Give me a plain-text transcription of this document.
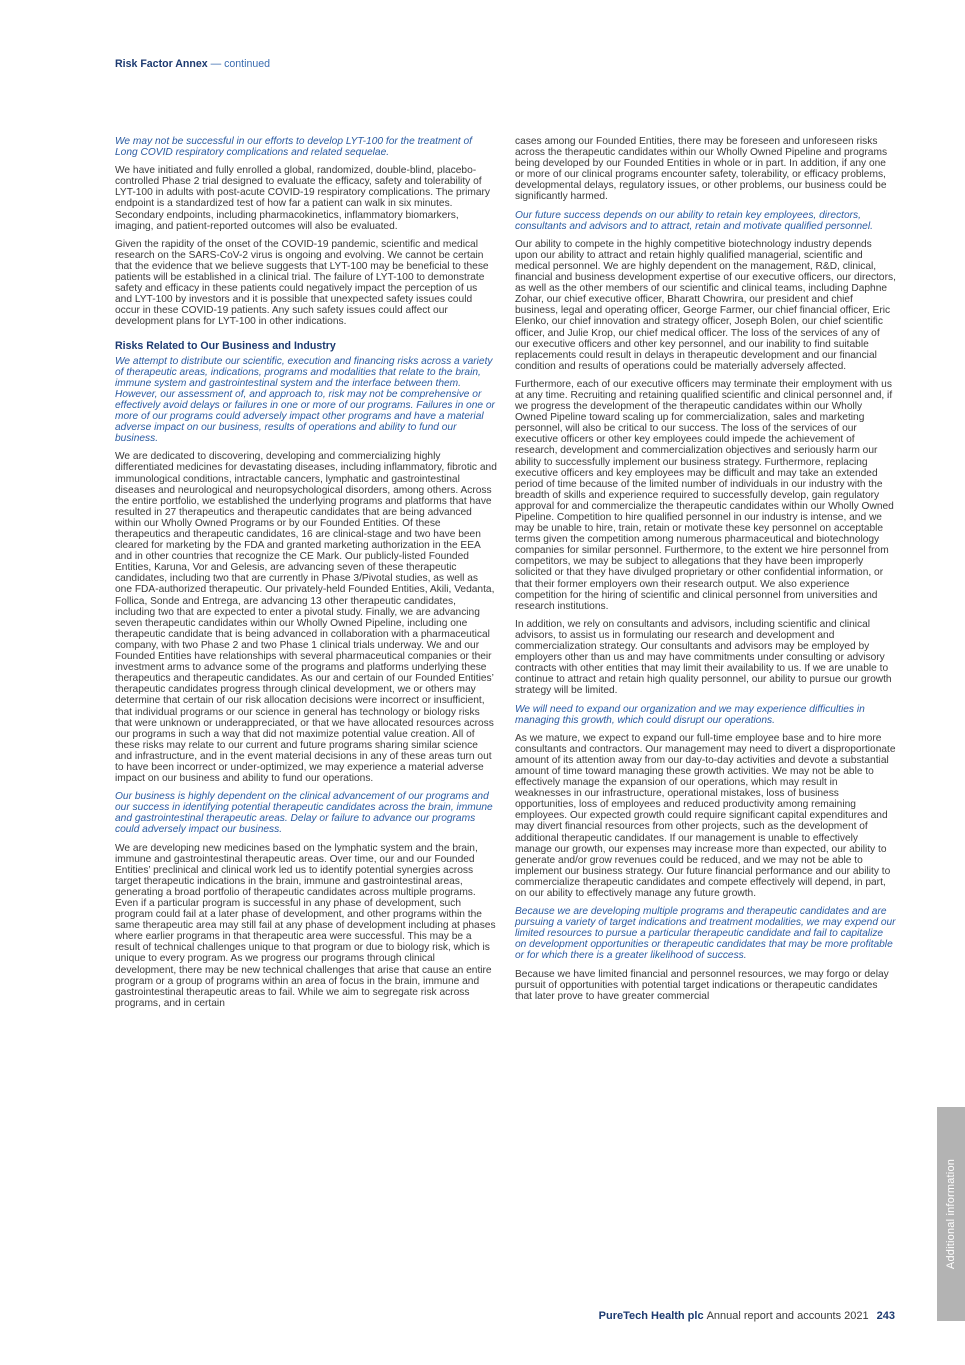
Risk Factor Annex — continued

We may not be successful in our efforts to develop LYT-100 for the treatment of Long COVID respiratory complications and related sequelae.

We have initiated and fully enrolled a global, randomized, double-blind, placebo-controlled Phase 2 trial designed to evaluate the efficacy, safety and tolerability of LYT-100 in adults with post-acute COVID-19 respiratory complications. The primary endpoint is a standardized test of how far a patient can walk in six minutes. Secondary endpoints, including pharmacokinetics, inflammatory biomarkers, imaging, and patient-reported outcomes will also be evaluated.

Given the rapidity of the onset of the COVID-19 pandemic, scientific and medical research on the SARS-CoV-2 virus is ongoing and evolving. We cannot be certain that the evidence that we believe suggests that LYT-100 may be beneficial to these patients will be established in a clinical trial. The failure of LYT-100 to demonstrate safety and efficacy in these patients could negatively impact the perception of us and LYT-100 by investors and it is possible that unexpected safety issues could occur in these COVID-19 patients. Any such safety issues could affect our development plans for LYT-100 in other indications.

Risks Related to Our Business and Industry

We attempt to distribute our scientific, execution and financing risks across a variety of therapeutic areas, indications, programs and modalities that relate to the brain, immune system and gastrointestinal system and the interface between them. However, our assessment of, and approach to, risk may not be comprehensive or effectively avoid delays or failures in one or more of our programs. Failures in one or more of our programs could adversely impact other programs and have a material adverse impact on our business, results of operations and ability to fund our business.

We are dedicated to discovering, developing and commercializing highly differentiated medicines for devastating diseases, including inflammatory, fibrotic and immunological conditions, intractable cancers, lymphatic and gastrointestinal diseases and neurological and neuropsychological disorders, among others. Across the entire portfolio, we established the underlying programs and platforms that have resulted in 27 therapeutics and therapeutic candidates that are being advanced within our Wholly Owned Programs or by our Founded Entities. Of these therapeutics and therapeutic candidates, 16 are clinical-stage and two have been cleared for marketing by the FDA and granted marketing authorization in the EEA and in other countries that recognize the CE Mark. Our publicly-listed Founded Entities, Karuna, Vor and Gelesis, are advancing seven of these therapeutic candidates, including two that are currently in Phase 3/Pivotal studies, as well as one FDA-authorized therapeutic. Our privately-held Founded Entities, Akili, Vedanta, Follica, Sonde and Entrega, are advancing 13 other therapeutic candidates, including two that are expected to enter a pivotal study. Finally, we are advancing seven therapeutic candidates within our Wholly Owned Pipeline, including one therapeutic candidate that is being advanced in collaboration with a pharmaceutical company, with two Phase 2 and two Phase 1 clinical trials underway. We and our Founded Entities have relationships with several pharmaceutical companies or their investment arms to advance some of the programs and platforms underlying these therapeutics and therapeutic candidates. As our and certain of our Founded Entities’ therapeutic candidates progress through clinical development, we or others may determine that certain of our risk allocation decisions were incorrect or insufficient, that individual programs or our science in general has technology or biology risks that were unknown or underappreciated, or that we have allocated resources across our programs in such a way that did not maximize potential value creation. All of these risks may relate to our current and future programs sharing similar science and infrastructure, and in the event material decisions in any of these areas turn out to have been incorrect or under-optimized, we may experience a material adverse impact on our business and ability to fund our operations.

Our business is highly dependent on the clinical advancement of our programs and our success in identifying potential therapeutic candidates across the brain, immune and gastrointestinal therapeutic areas. Delay or failure to advance our programs could adversely impact our business.

We are developing new medicines based on the lymphatic system and the brain, immune and gastrointestinal therapeutic areas. Over time, our and our Founded Entities’ preclinical and clinical work led us to identify potential synergies across target therapeutic indications in the brain, immune and gastrointestinal areas, generating a broad portfolio of therapeutic candidates across multiple programs. Even if a particular program is successful in any phase of development, such program could fail at a later phase of development, and other programs within the same therapeutic area may still fail at any phase of development including at phases where earlier programs in that therapeutic area were successful. This may be a result of technical challenges unique to that program or due to biology risk, which is unique to every program. As we progress our programs through clinical development, there may be new technical challenges that arise that cause an entire program or a group of programs within an area of focus in the brain, immune and gastrointestinal therapeutic areas to fail. While we aim to segregate risk across programs, and in certain

cases among our Founded Entities, there may be foreseen and unforeseen risks across the therapeutic candidates within our Wholly Owned Pipeline and programs being developed by our Founded Entities in whole or in part. In addition, if any one or more of our clinical programs encounter safety, tolerability, or efficacy problems, developmental delays, regulatory issues, or other problems, our business could be significantly harmed.

Our future success depends on our ability to retain key employees, directors, consultants and advisors and to attract, retain and motivate qualified personnel.

Our ability to compete in the highly competitive biotechnology industry depends upon our ability to attract and retain highly qualified managerial, scientific and medical personnel. We are highly dependent on the management, R&D, clinical, financial and business development expertise of our executive officers, our directors, as well as the other members of our scientific and clinical teams, including Daphne Zohar, our chief executive officer, Bharatt Chowrira, our president and chief business, legal and operating officer, George Farmer, our chief financial officer, Eric Elenko, our chief innovation and strategy officer, Joseph Bolen, our chief scientific officer, and Julie Krop, our chief medical officer. The loss of the services of any of our executive officers and other key personnel, and our inability to find suitable replacements could result in delays in therapeutic development and our financial condition and results of operations could be materially adversely affected.

Furthermore, each of our executive officers may terminate their employment with us at any time. Recruiting and retaining qualified scientific and clinical personnel and, if we progress the development of the therapeutic candidates within our Wholly Owned Pipeline toward scaling up for commercialization, sales and marketing personnel, will also be critical to our success. The loss of the services of our executive officers or other key employees could impede the achievement of research, development and commercialization objectives and seriously harm our ability to successfully implement our business strategy. Furthermore, replacing executive officers and key employees may be difficult and may take an extended period of time because of the limited number of individuals in our industry with the breadth of skills and experience required to successfully develop, gain regulatory approval for and commercialize the therapeutic candidates within our Wholly Owned Pipeline. Competition to hire qualified personnel in our industry is intense, and we may be unable to hire, train, retain or motivate these key personnel on acceptable terms given the competition among numerous pharmaceutical and biotechnology companies for similar personnel. Furthermore, to the extent we hire personnel from competitors, we may be subject to allegations that they have been improperly solicited or that they have divulged proprietary or other confidential information, or that their former employers own their research output. We also experience competition for the hiring of scientific and clinical personnel from universities and research institutions.

In addition, we rely on consultants and advisors, including scientific and clinical advisors, to assist us in formulating our research and development and commercialization strategy. Our consultants and advisors may be employed by employers other than us and may have commitments under consulting or advisory contracts with other entities that may limit their availability to us. If we are unable to continue to attract and retain high quality personnel, our ability to pursue our growth strategy will be limited.

We will need to expand our organization and we may experience difficulties in managing this growth, which could disrupt our operations.

As we mature, we expect to expand our full-time employee base and to hire more consultants and contractors. Our management may need to divert a disproportionate amount of its attention away from our day-to-day activities and devote a substantial amount of time toward managing these growth activities. We may not be able to effectively manage the expansion of our operations, which may result in weaknesses in our infrastructure, operational mistakes, loss of business opportunities, loss of employees and reduced productivity among remaining employees. Our expected growth could require significant capital expenditures and may divert financial resources from other projects, such as the development of additional therapeutic candidates. If our management is unable to effectively manage our growth, our expenses may increase more than expected, our ability to generate and/or grow revenues could be reduced, and we may not be able to implement our business strategy. Our future financial performance and our ability to commercialize therapeutic candidates and compete effectively will depend, in part, on our ability to effectively manage any future growth.

Because we are developing multiple programs and therapeutic candidates and are pursuing a variety of target indications and treatment modalities, we may expend our limited resources to pursue a particular therapeutic candidate and fail to capitalize on development opportunities or therapeutic candidates that may be more profitable or for which there is a greater likelihood of success.

Because we have limited financial and personnel resources, we may forgo or delay pursuit of opportunities with potential target indications or therapeutic candidates that later prove to have greater commercial

PureTech Health plc Annual report and accounts 2021 243
Additional information
